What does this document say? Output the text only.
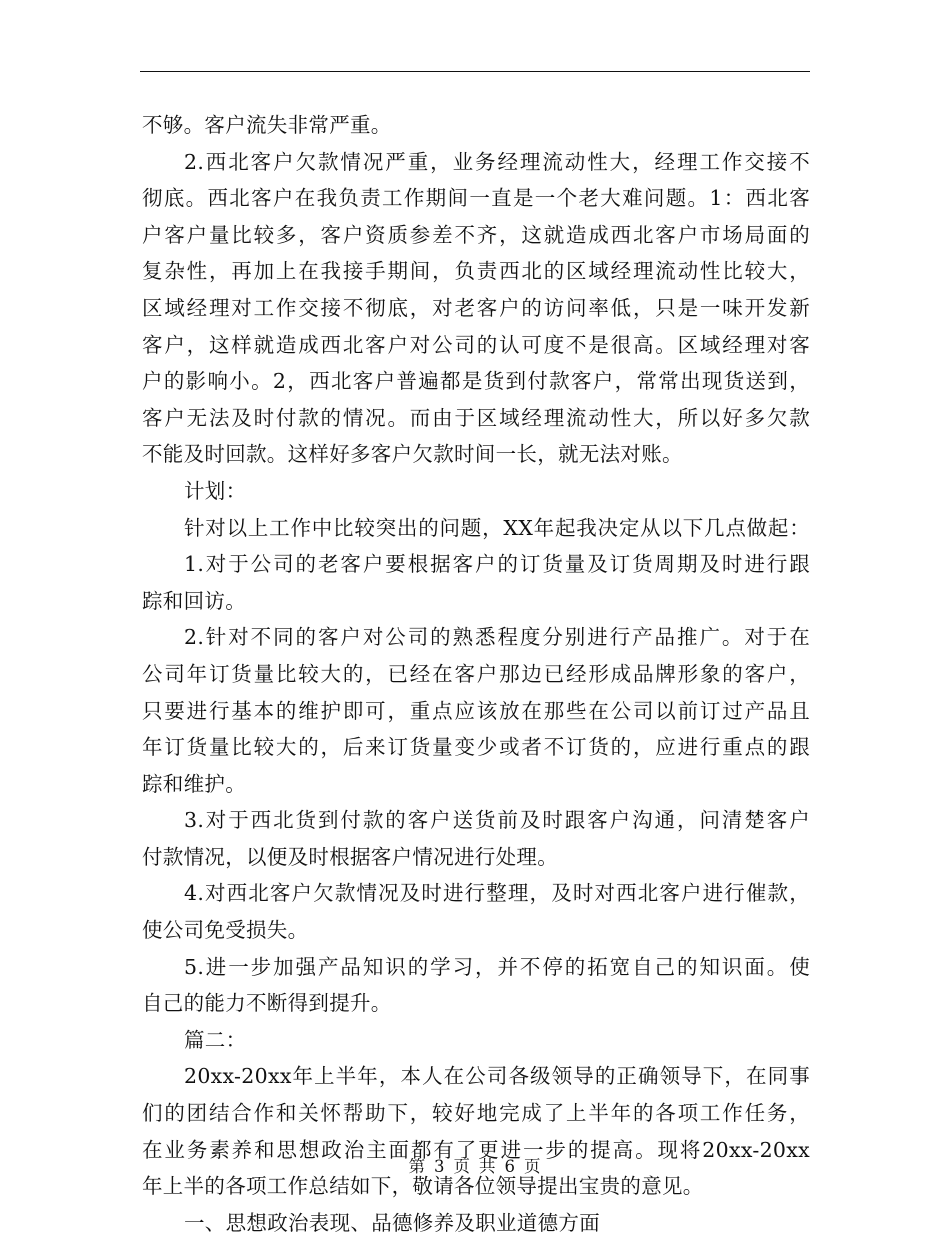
不够。客户流失非常严重。
2.西北客户欠款情况严重，业务经理流动性大，经理工作交接不
彻底。西北客户在我负责工作期间一直是一个老大难问题。1：西北客
户客户量比较多，客户资质参差不齐，这就造成西北客户市场局面的
复杂性，再加上在我接手期间，负责西北的区域经理流动性比较大，
区域经理对工作交接不彻底，对老客户的访问率低，只是一味开发新
客户，这样就造成西北客户对公司的认可度不是很高。区域经理对客
户的影响小。2，西北客户普遍都是货到付款客户，常常出现货送到，
客户无法及时付款的情况。而由于区域经理流动性大，所以好多欠款
不能及时回款。这样好多客户欠款时间一长，就无法对账。
计划：
针对以上工作中比较突出的问题，XX年起我决定从以下几点做起：
1.对于公司的老客户要根据客户的订货量及订货周期及时进行跟
踪和回访。
2.针对不同的客户对公司的熟悉程度分别进行产品推广。对于在
公司年订货量比较大的，已经在客户那边已经形成品牌形象的客户，
只要进行基本的维护即可，重点应该放在那些在公司以前订过产品且
年订货量比较大的，后来订货量变少或者不订货的，应进行重点的跟
踪和维护。
3.对于西北货到付款的客户送货前及时跟客户沟通，问清楚客户
付款情况，以便及时根据客户情况进行处理。
4.对西北客户欠款情况及时进行整理，及时对西北客户进行催款，
使公司免受损失。
5.进一步加强产品知识的学习，并不停的拓宽自己的知识面。使
自己的能力不断得到提升。
篇二：
20xx-20xx年上半年，本人在公司各级领导的正确领导下，在同事
们的团结合作和关怀帮助下，较好地完成了上半年的各项工作任务，
在业务素养和思想政治主面都有了更进一步的提高。现将20xx-20xx
年上半的各项工作总结如下，敬请各位领导提出宝贵的意见。
一、思想政治表现、品德修养及职业道德方面
第 3 页 共 6 页
